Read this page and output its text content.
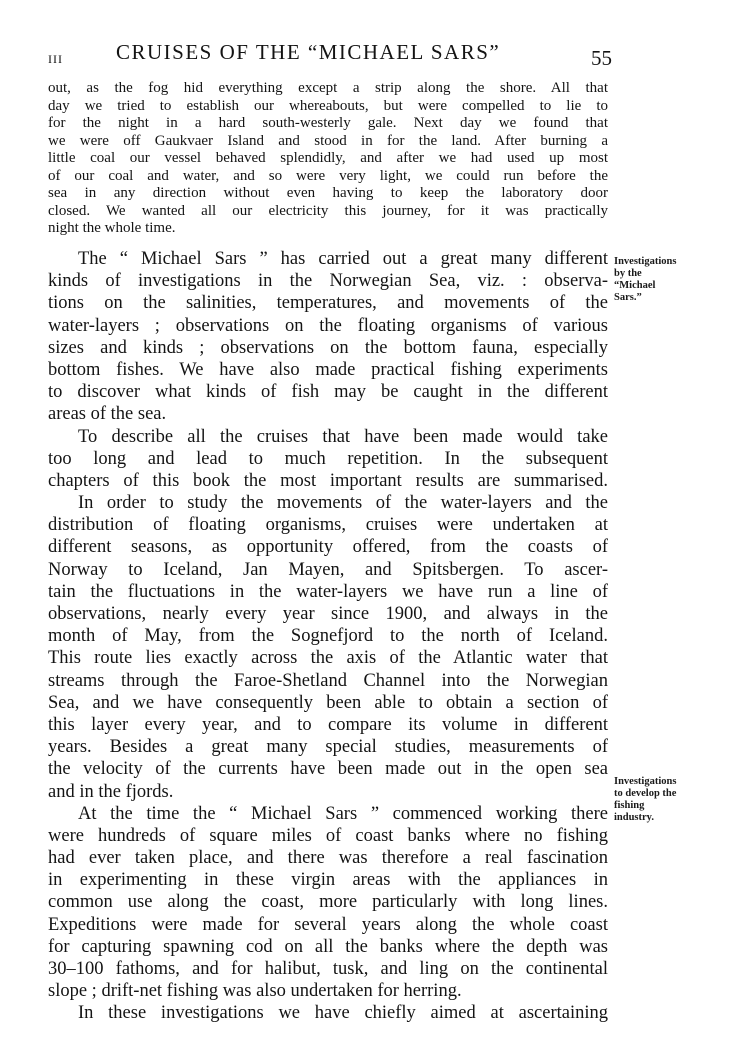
III	CRUISES OF THE “MICHAEL SARS”	55
out, as the fog hid everything except a strip along the shore. All that
day we tried to establish our whereabouts, but were compelled to lie to
for the night in a hard south-westerly gale. Next day we found that
we were off Gaukvaer Island and stood in for the land. After burning a
little coal our vessel behaved splendidly, and after we had used up most
of our coal and water, and so were very light, we could run before the
sea in any direction without even having to keep the laboratory door
closed. We wanted all our electricity this journey, for it was practically
night the whole time.
The “ Michael Sars ” has carried out a great many different
kinds of investigations in the Norwegian Sea, viz. : observa-
tions on the salinities, temperatures, and movements of the
water-layers ; observations on the floating organisms of various
sizes and kinds ; observations on the bottom fauna, especially
bottom fishes. We have also made practical fishing experiments
to discover what kinds of fish may be caught in the different
areas of the sea.
To describe all the cruises that have been made would take
too long and lead to much repetition. In the subsequent
chapters of this book the most important results are summarised.
In order to study the movements of the water-layers and the
distribution of floating organisms, cruises were undertaken at
different seasons, as opportunity offered, from the coasts of
Norway to Iceland, Jan Mayen, and Spitsbergen. To ascer-
tain the fluctuations in the water-layers we have run a line of
observations, nearly every year since 1900, and always in the
month of May, from the Sognefjord to the north of Iceland.
This route lies exactly across the axis of the Atlantic water that
streams through the Faroe-Shetland Channel into the Norwegian
Sea, and we have consequently been able to obtain a section of
this layer every year, and to compare its volume in different
years. Besides a great many special studies, measurements of
the velocity of the currents have been made out in the open sea
and in the fjords.
At the time the “ Michael Sars ” commenced working there
were hundreds of square miles of coast banks where no fishing
had ever taken place, and there was therefore a real fascination
in experimenting in these virgin areas with the appliances in
common use along the coast, more particularly with long lines.
Expeditions were made for several years along the whole coast
for capturing spawning cod on all the banks where the depth was
30–100 fathoms, and for halibut, tusk, and ling on the continental
slope ; drift-net fishing was also undertaken for herring.
In these investigations we have chiefly aimed at ascertaining
Investigations
by the
“Michael
Sars.”
Investigations
to develop the
fishing
industry.
